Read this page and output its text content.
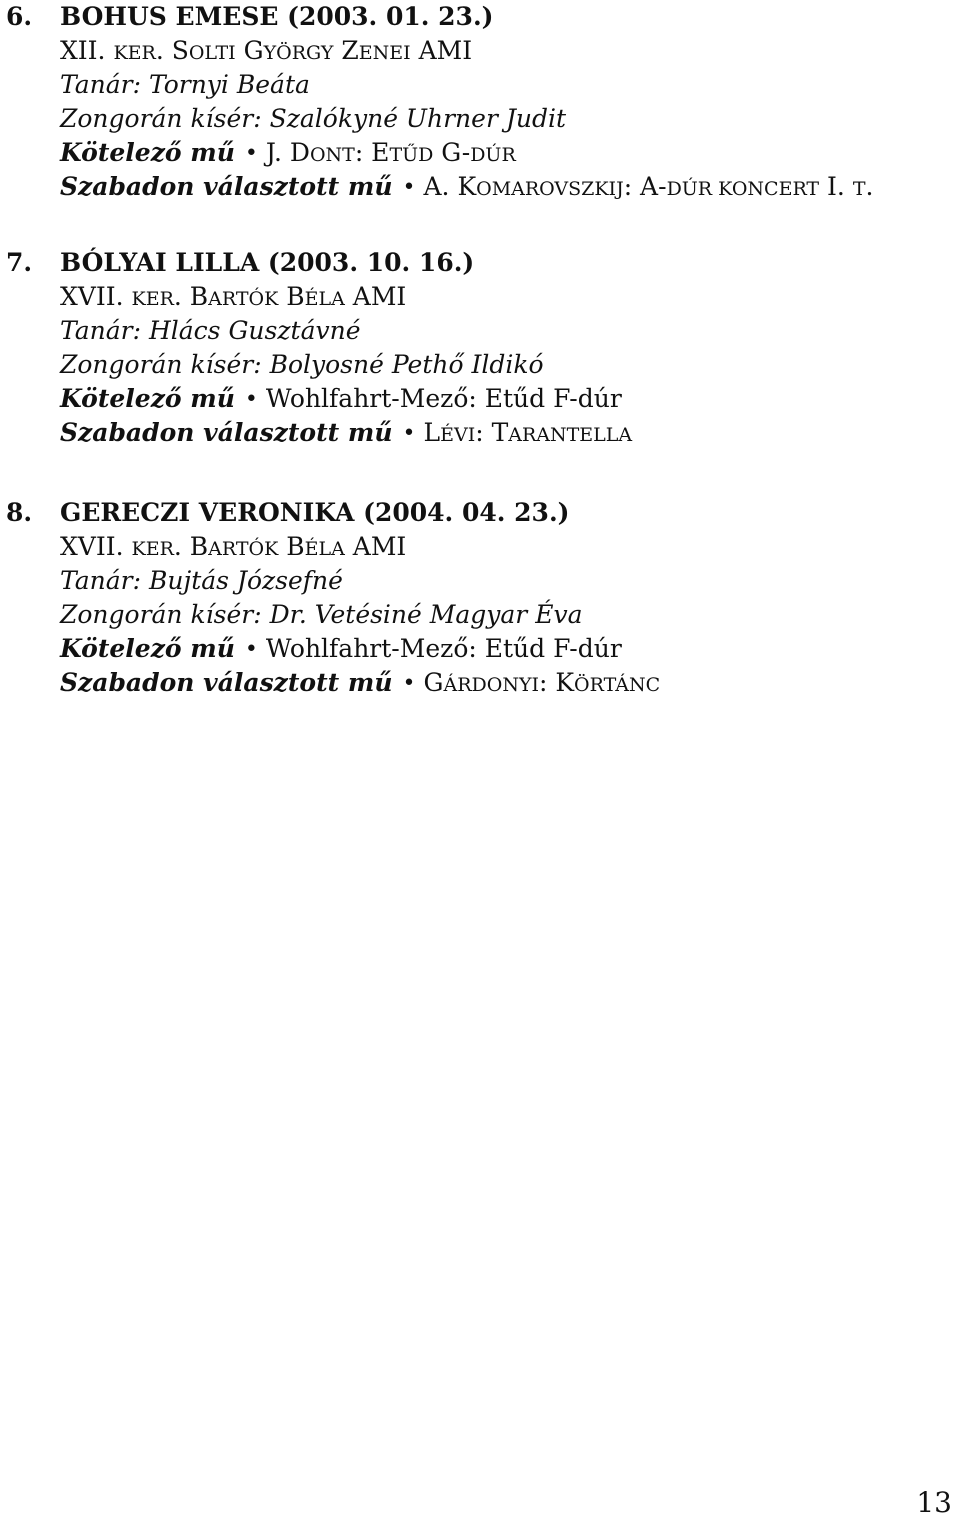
6. BOHUS EMESE (2003. 01. 23.)
XII. KER. SOLTI GYÖRGY ZENEI AMI
Tanár: Tornyi Beáta
Zongorán kísér: Szalókyné Uhrner Judit
Kötelező mű • J. DONT: ETŰD G-DÚR
Szabadon választott mű • A. KOMAROVSZKIJ: A-DÚR KONCERT I. T.
7. BÓLYAI LILLA (2003. 10. 16.)
XVII. KER. BARTÓK BÉLA AMI
Tanár: Hlács Gusztávné
Zongorán kísér: Bolyosné Pethő Ildikó
Kötelező mű • Wohlfahrt-Mező: Etűd F-dúr
Szabadon választott mű • LÉVI: TARANTELLA
8. GERECZI VERONIKA (2004. 04. 23.)
XVII. KER. BARTÓK BÉLA AMI
Tanár: Bujtás Józsefné
Zongorán kísér: Dr. Vetésiné Magyar Éva
Kötelező mű • Wohlfahrt-Mező: Etűd F-dúr
Szabadon választott mű • GÁRDONYI: KÖRTÁNC
13
